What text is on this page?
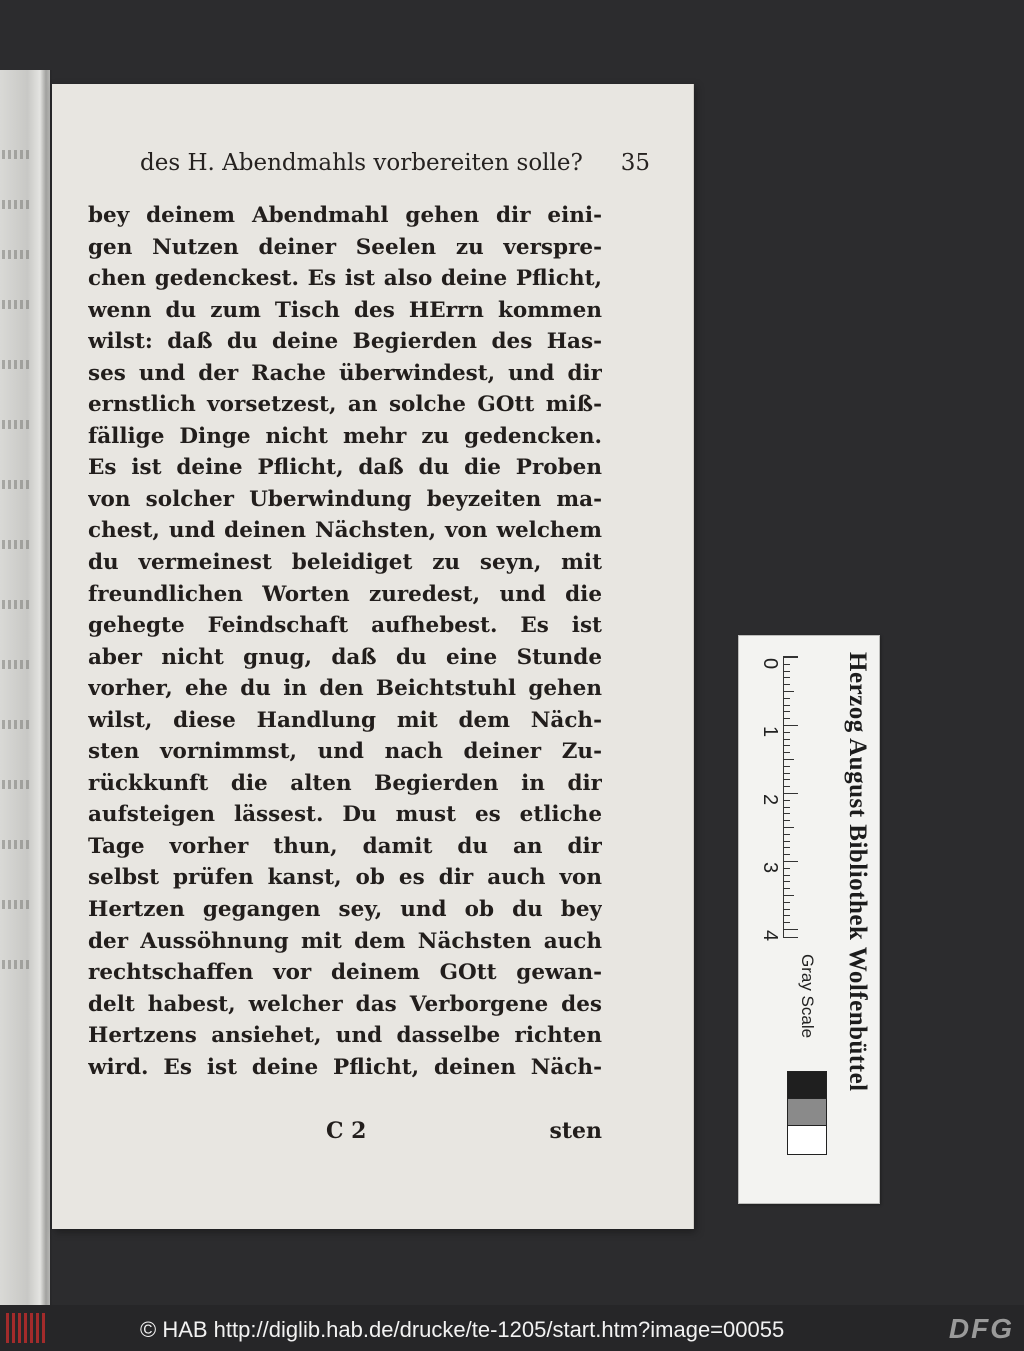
des H. Abendmahls vorbereiten solle? 35
bey deinem Abendmahl gehen dir eini-
gen Nutzen deiner Seelen zu verspre-
chen gedenckest. Es ist also deine Pflicht,
wenn du zum Tisch des HErrn kommen
wilst: daß du deine Begierden des Has-
ses und der Rache überwindest, und dir
ernstlich vorsetzest, an solche GOtt miß-
fällige Dinge nicht mehr zu gedencken.
Es ist deine Pflicht, daß du die Proben
von solcher Uberwindung beyzeiten ma-
chest, und deinen Nächsten, von welchem
du vermeinest beleidiget zu seyn, mit
freundlichen Worten zuredest, und die
gehegte Feindschaft aufhebest. Es ist
aber nicht gnug, daß du eine Stunde
vorher, ehe du in den Beichtstuhl gehen
wilst, diese Handlung mit dem Näch-
sten vornimmst, und nach deiner Zu-
rückkunft die alten Begierden in dir
aufsteigen lässest. Du must es etliche
Tage vorher thun, damit du an dir
selbst prüfen kanst, ob es dir auch von
Hertzen gegangen sey, und ob du bey
der Aussöhnung mit dem Nächsten auch
rechtschaffen vor deinem GOtt gewan-
delt habest, welcher das Verborgene des
Hertzens ansiehet, und dasselbe richten
wird. Es ist deine Pflicht, deinen Näch-
C 2	sten
0
1
2
3
4
Gray Scale Herzog August Bibliothek Wolfenbüttel
© HAB http://diglib.hab.de/drucke/te-1205/start.htm?image=00055	DFG
